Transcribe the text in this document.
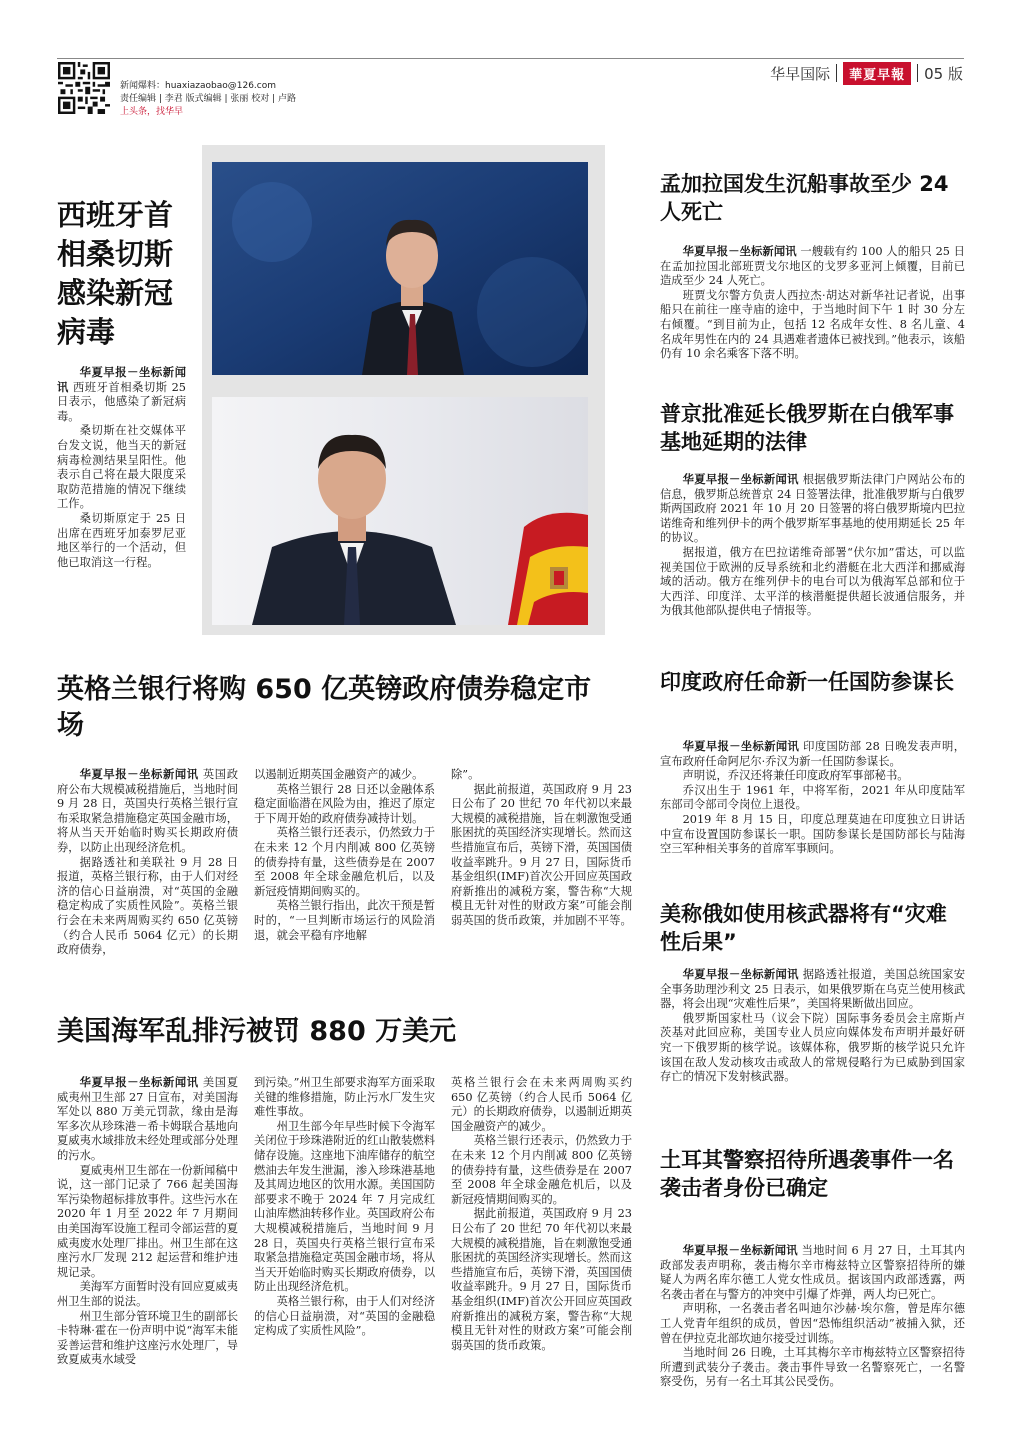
新闻爆料：huaxiazaobao@126.com
责任编辑 | 李君 版式编辑 | 张丽 校对 | 卢路
上头条，找华早
华早国际	華夏早報	05 版
西班牙首相桑切斯感染新冠病毒

华夏早报－坐标新闻讯 西班牙首相桑切斯 25 日表示，他感染了新冠病毒。

桑切斯在社交媒体平台发文说，他当天的新冠病毒检测结果呈阳性。他表示自己将在最大限度采取防范措施的情况下继续工作。

桑切斯原定于 25 日出席在西班牙加泰罗尼亚地区举行的一个活动，但他已取消这一行程。

孟加拉国发生沉船事故至少 24 人死亡

华夏早报－坐标新闻讯 一艘载有约 100 人的船只 25 日在孟加拉国北部班贾戈尔地区的戈罗多亚河上倾覆，目前已造成至少 24 人死亡。

班贾戈尔警方负责人西拉杰·胡达对新华社记者说，出事船只在前往一座寺庙的途中，于当地时间下午 1 时 30 分左右倾覆。“到目前为止，包括 12 名成年女性、8 名儿童、4 名成年男性在内的 24 具遇难者遗体已被找到。”他表示，该船仍有 10 余名乘客下落不明。

普京批准延长俄罗斯在白俄军事基地延期的法律

华夏早报－坐标新闻讯 根据俄罗斯法律门户网站公布的信息，俄罗斯总统普京 24 日签署法律，批准俄罗斯与白俄罗斯两国政府 2021 年 10 月 20 日签署的将白俄罗斯境内巴拉诺维奇和维列伊卡的两个俄罗斯军事基地的使用期延长 25 年的协议。

据报道，俄方在巴拉诺维奇部署“伏尔加”雷达，可以监视美国位于欧洲的反导系统和北约潜艇在北大西洋和挪威海域的活动。俄方在维列伊卡的电台可以为俄海军总部和位于大西洋、印度洋、太平洋的核潜艇提供超长波通信服务，并为俄其他部队提供电子情报等。

英格兰银行将购 650 亿英镑政府债券稳定市场

华夏早报－坐标新闻讯 英国政府公布大规模减税措施后，当地时间 9 月 28 日，英国央行英格兰银行宣布采取紧急措施稳定英国金融市场，将从当天开始临时购买长期政府债券，以防止出现经济危机。

据路透社和美联社 9 月 28 日报道，英格兰银行称，由于人们对经济的信心日益崩溃，对“英国的金融稳定构成了实质性风险”。英格兰银行会在未来两周购买约 650 亿英镑（约合人民币 5064 亿元）的长期政府债券，

以遏制近期英国金融资产的减少。

英格兰银行 28 日还以金融体系稳定面临潜在风险为由，推迟了原定于下周开始的政府债券减持计划。

英格兰银行还表示，仍然致力于在未来 12 个月内削减 800 亿英镑的债券持有量，这些债券是在 2007 至 2008 年全球金融危机后，以及新冠疫情期间购买的。

英格兰银行指出，此次干预是暂时的，“一旦判断市场运行的风险消退，就会平稳有序地解

除”。

据此前报道，英国政府 9 月 23 日公布了 20 世纪 70 年代初以来最大规模的减税措施，旨在刺激饱受通胀困扰的英国经济实现增长。然而这些措施宣布后，英镑下滑，英国国债收益率跳升。9 月 27 日，国际货币基金组织(IMF)首次公开回应英国政府新推出的减税方案，警告称“大规模且无针对性的财政方案”可能会削弱英国的货币政策，并加剧不平等。

美国海军乱排污被罚 880 万美元

华夏早报－坐标新闻讯 美国夏威夷州卫生部 27 日宣布，对美国海军处以 880 万美元罚款，缘由是海军多次从珍珠港－希卡姆联合基地向夏威夷水域排放未经处理或部分处理的污水。

夏威夷州卫生部在一份新闻稿中说，这一部门记录了 766 起美国海军污染物超标排放事件。这些污水在 2020 年 1 月至 2022 年 7 月期间由美国海军设施工程司令部运营的夏威夷废水处理厂排出。州卫生部在这座污水厂发现 212 起运营和维护违规记录。

美海军方面暂时没有回应夏威夷州卫生部的说法。

州卫生部分管环境卫生的副部长卡特琳·霍在一份声明中说“海军未能妥善运营和维护这座污水处理厂，导致夏威夷水域受

到污染。”州卫生部要求海军方面采取关键的维修措施，防止污水厂发生灾难性事故。

州卫生部今年早些时候下令海军关闭位于珍珠港附近的红山散装燃料储存设施。这座地下油库储存的航空燃油去年发生泄漏，渗入珍珠港基地及其周边地区的饮用水源。美国国防部要求不晚于 2024 年 7 月完成红山油库燃油转移作业。英国政府公布大规模减税措施后，当地时间 9 月 28 日，英国央行英格兰银行宣布采取紧急措施稳定英国金融市场，将从当天开始临时购买长期政府债券，以防止出现经济危机。

英格兰银行称，由于人们对经济的信心日益崩溃，对“英国的金融稳定构成了实质性风险”。

英格兰银行会在未来两周购买约 650 亿英镑（约合人民币 5064 亿元）的长期政府债券，以遏制近期英国金融资产的减少。

英格兰银行还表示，仍然致力于在未来 12 个月内削减 800 亿英镑的债券持有量，这些债券是在 2007 至 2008 年全球金融危机后，以及新冠疫情期间购买的。

据此前报道，英国政府 9 月 23 日公布了 20 世纪 70 年代初以来最大规模的减税措施，旨在刺激饱受通胀困扰的英国经济实现增长。然而这些措施宣布后，英镑下滑，英国国债收益率跳升。9 月 27 日，国际货币基金组织(IMF)首次公开回应英国政府新推出的减税方案，警告称“大规模且无针对性的财政方案”可能会削弱英国的货币政策。

印度政府任命新一任国防参谋长

华夏早报－坐标新闻讯 印度国防部 28 日晚发表声明，宣布政府任命阿尼尔·乔汉为新一任国防参谋长。

声明说，乔汉还将兼任印度政府军事部秘书。

乔汉出生于 1961 年，中将军衔，2021 年从印度陆军东部司令部司令岗位上退役。

2019 年 8 月 15 日，印度总理莫迪在印度独立日讲话中宣布设置国防参谋长一职。国防参谋长是国防部长与陆海空三军种相关事务的首席军事顾问。

美称俄如使用核武器将有“灾难性后果”

华夏早报－坐标新闻讯 据路透社报道，美国总统国家安全事务助理沙利文 25 日表示，如果俄罗斯在乌克兰使用核武器，将会出现“灾难性后果”，美国将果断做出回应。

俄罗斯国家杜马（议会下院）国际事务委员会主席斯卢茨基对此回应称，美国专业人员应向媒体发布声明并最好研究一下俄罗斯的核学说。该媒体称，俄罗斯的核学说只允许该国在敌人发动核攻击或敌人的常规侵略行为已威胁到国家存亡的情况下发射核武器。

土耳其警察招待所遇袭事件一名袭击者身份已确定

华夏早报－坐标新闻讯 当地时间 6 月 27 日，土耳其内政部发表声明称，袭击梅尔辛市梅兹特立区警察招待所的嫌疑人为两名库尔德工人党女性成员。据该国内政部透露，两名袭击者在与警方的冲突中引爆了炸弹，两人均已死亡。

声明称，一名袭击者名叫迪尔沙赫·埃尔詹，曾是库尔德工人党青年组织的成员，曾因“恐怖组织活动”被捕入狱，还曾在伊拉克北部坎迪尔接受过训练。

当地时间 26 日晚，土耳其梅尔辛市梅兹特立区警察招待所遭到武装分子袭击。袭击事件导致一名警察死亡，一名警察受伤，另有一名土耳其公民受伤。
